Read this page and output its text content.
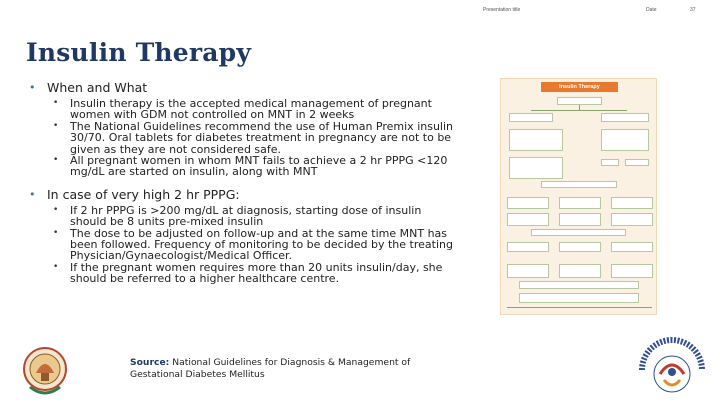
Presentation title	Date	37
Insulin Therapy
• When and What
• Insulin therapy is the accepted medical management of pregnant women with GDM not controlled on MNT in 2 weeks
• The National Guidelines recommend the use of Human Premix insulin 30/70. Oral tablets for diabetes treatment in pregnancy are not to be given as they are not considered safe.
• All pregnant women in whom MNT fails to achieve a 2 hr PPPG <120 mg/dL are started on insulin, along with MNT
• In case of very high 2 hr PPPG:
• If 2 hr PPPG is >200 mg/dL at diagnosis, starting dose of insulin should be 8 units pre-mixed insulin
• The dose to be adjusted on follow-up and at the same time MNT has been followed. Frequency of monitoring to be decided by the treating Physician/Gynaecologist/Medical Officer.
• If the pregnant women requires more than 20 units insulin/day, she should be referred to a higher healthcare centre.
Source: National Guidelines for Diagnosis & Management of Gestational Diabetes Mellitus
Insulin Therapy
